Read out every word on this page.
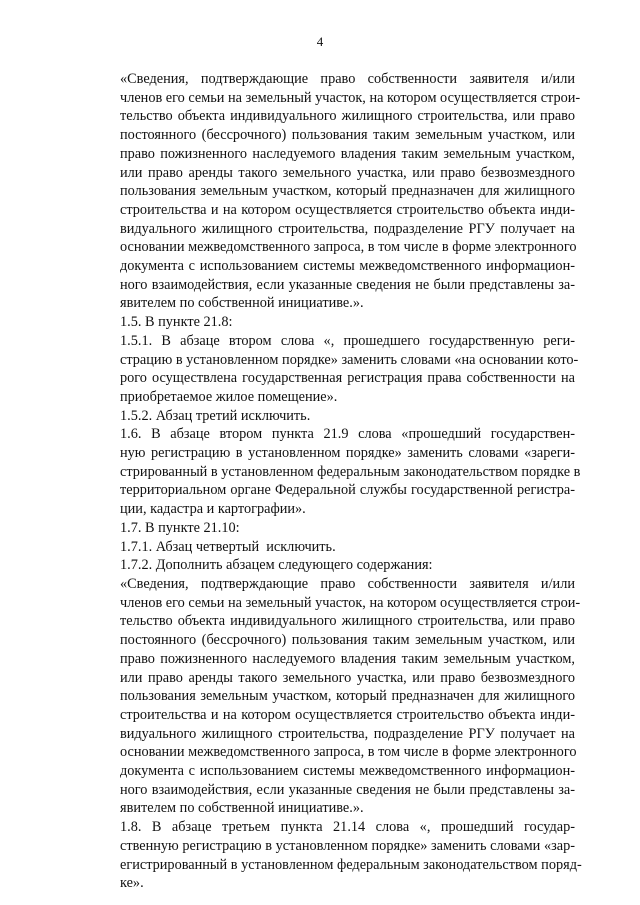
4

«Сведения, подтверждающие право собственности заявителя и/или
членов его семьи на земельный участок, на котором осуществляется строи-
тельство объекта индивидуального жилищного строительства, или право
постоянного (бессрочного) пользования таким земельным участком, или
право пожизненного наследуемого владения таким земельным участком,
или право аренды такого земельного участка, или право безвозмездного
пользования земельным участком, который предназначен для жилищного
строительства и на котором осуществляется строительство объекта инди-
видуального жилищного строительства, подразделение РГУ получает на
основании межведомственного запроса, в том числе в форме электронного
документа с использованием системы межведомственного информацион-
ного взаимодействия, если указанные сведения не были представлены за-
явителем по собственной инициативе.».

1.5. В пункте 21.8:

1.5.1. В абзаце втором слова «, прошедшего государственную реги-
страцию в установленном порядке» заменить словами «на основании кото-
рого осуществлена государственная регистрация права собственности на
приобретаемое жилое помещение».

1.5.2. Абзац третий исключить.

1.6. В абзаце втором пункта 21.9 слова «прошедший государствен-
ную регистрацию в установленном порядке» заменить словами «зареги-
стрированный в установленном федеральным законодательством порядке в
территориальном органе Федеральной службы государственной регистра-
ции, кадастра и картографии».

1.7. В пункте 21.10:

1.7.1. Абзац четвертый  исключить.

1.7.2. Дополнить абзацем следующего содержания:

«Сведения, подтверждающие право собственности заявителя и/или
членов его семьи на земельный участок, на котором осуществляется строи-
тельство объекта индивидуального жилищного строительства, или право
постоянного (бессрочного) пользования таким земельным участком, или
право пожизненного наследуемого владения таким земельным участком,
или право аренды такого земельного участка, или право безвозмездного
пользования земельным участком, который предназначен для жилищного
строительства и на котором осуществляется строительство объекта инди-
видуального жилищного строительства, подразделение РГУ получает на
основании межведомственного запроса, в том числе в форме электронного
документа с использованием системы межведомственного информацион-
ного взаимодействия, если указанные сведения не были представлены за-
явителем по собственной инициативе.».

1.8. В абзаце третьем пункта 21.14 слова «, прошедший государ-
ственную регистрацию в установленном порядке» заменить словами «зар-
егистрированный в установленном федеральным законодательством поряд-
ке».
